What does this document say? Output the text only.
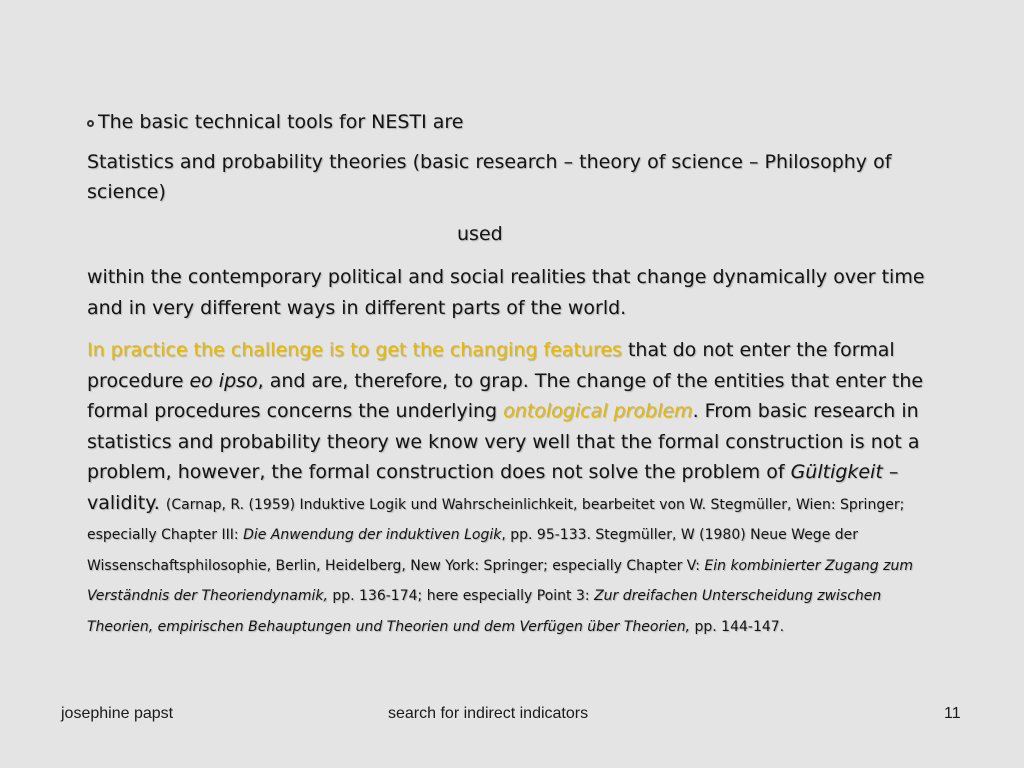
The basic technical tools for NESTI are

Statistics and probability theories (basic research – theory of science – Philosophy of science)

used

within the contemporary political and social realities that change dynamically over time and in very different ways in different parts of the world.

In practice the challenge is to get the changing features that do not enter the formal procedure eo ipso, and are, therefore, to grap. The change of the entities that enter the formal procedures concerns the underlying ontological problem. From basic research in statistics and probability theory we know very well that the formal construction is not a problem, however, the formal construction does not solve the problem of Gültigkeit – validity. (Carnap, R. (1959) Induktive Logik und Wahrscheinlichkeit, bearbeitet von W. Stegmüller, Wien: Springer; especially Chapter III: Die Anwendung der induktiven Logik, pp. 95-133. Stegmüller, W (1980) Neue Wege der Wissenschaftsphilosophie, Berlin, Heidelberg, New York: Springer; especially Chapter V: Ein kombinierter Zugang zum Verständnis der Theoriendynamik, pp. 136-174; here especially Point 3: Zur dreifachen Unterscheidung zwischen Theorien, empirischen Behauptungen und Theorien und dem Verfügen über Theorien, pp. 144-147.

josephine papst	search for indirect indicators	11
